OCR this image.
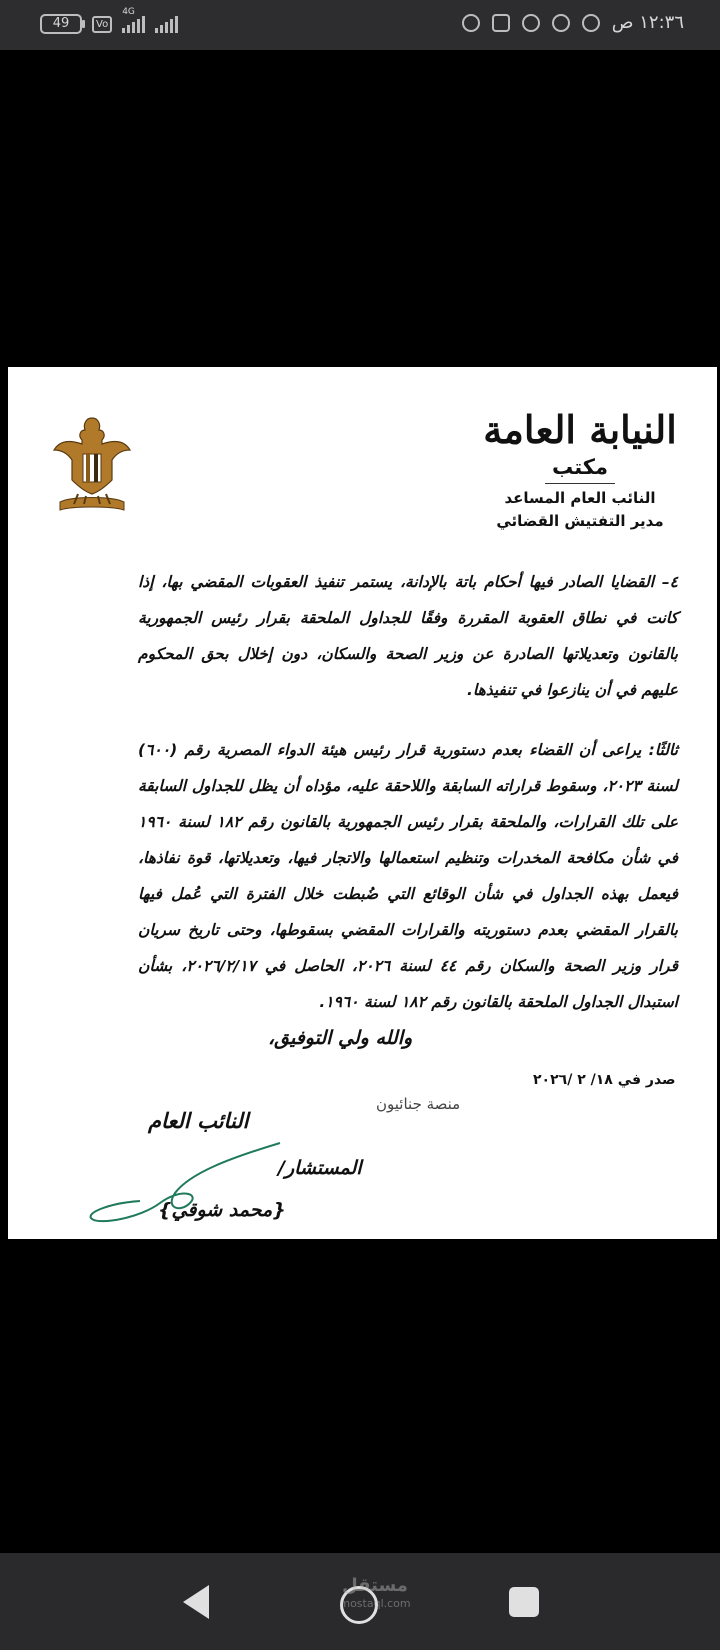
49	Vo
4G	١٢:٣٦ ص
النيابة العامة
مكتب
النائب العام المساعد
مدير التفتيش القضائي
٤– القضايا الصادر فيها أحكام باتة بالإدانة، يستمر تنفيذ العقوبات المقضي بها، إذا كانت في نطاق العقوبة المقررة وفقًا للجداول الملحقة بقرار رئيس الجمهورية بالقانون وتعديلاتها الصادرة عن وزير الصحة والسكان، دون إخلال بحق المحكوم عليهم في أن ينازعوا في تنفيذها.
ثالثًا: يراعى أن القضاء بعدم دستورية قرار رئيس هيئة الدواء المصرية رقم (٦٠٠) لسنة ٢٠٢٣، وسقوط قراراته السابقة واللاحقة عليه، مؤداه أن يظل للجداول السابقة على تلك القرارات، والملحقة بقرار رئيس الجمهورية بالقانون رقم ١٨٢ لسنة ١٩٦٠ في شأن مكافحة المخدرات وتنظيم استعمالها والاتجار فيها، وتعديلاتها، قوة نفاذها، فيعمل بهذه الجداول في شأن الوقائع التي ضُبطت خلال الفترة التي عُمل فيها بالقرار المقضي بعدم دستوريته والقرارات المقضي بسقوطها، وحتى تاريخ سريان قرار وزير الصحة والسكان رقم ٤٤ لسنة ٢٠٢٦، الحاصل في ٢٠٢٦/٢/١٧، بشأن استبدال الجداول الملحقة بالقانون رقم ١٨٢ لسنة ١٩٦٠.
والله ولي التوفيق،
صدر في ١٨/ ٢ /٢٠٢٦
منصة جنائيون
النائب العام
المستشار/
{محمد شوقي}
مستقل
mostaql.com
